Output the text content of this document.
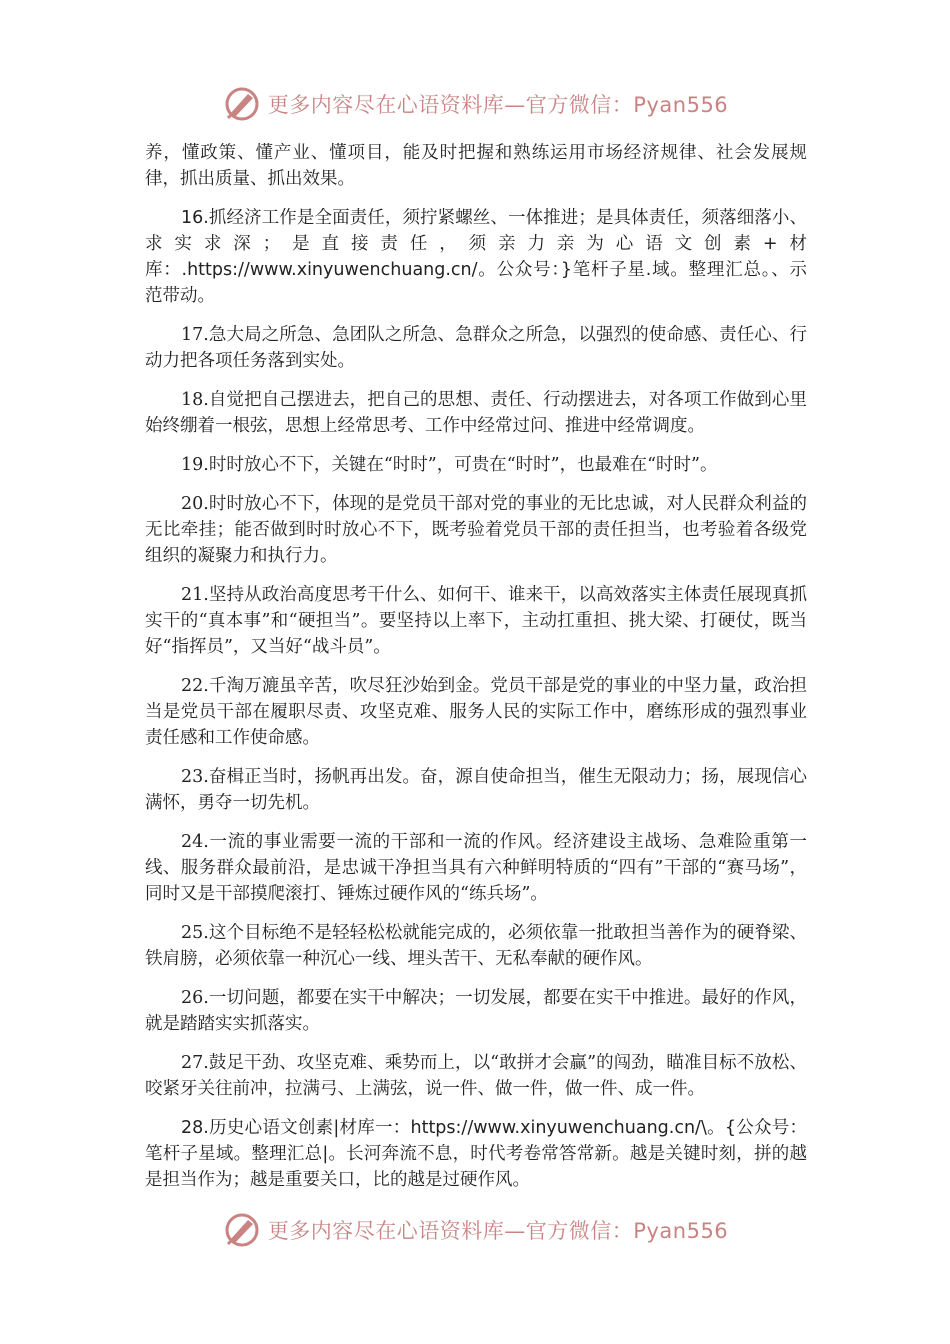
更多内容尽在心语资料库—官方微信：Pyan556

养，懂政策、懂产业、懂项目，能及时把握和熟练运用市场经济规律、社会发展规律，抓出质量、抓出效果。

16.抓经济工作是全面责任，须拧紧螺丝、一体推进；是具体责任，须落细落小、求实求深；是直接责任，须亲力亲为心语文创素+材库：.https://www.xinyuwenchuang.cn/。公众号：}笔杆子星.域。整理汇总。、示范带动。

17.急大局之所急、急团队之所急、急群众之所急，以强烈的使命感、责任心、行动力把各项任务落到实处。

18.自觉把自己摆进去，把自己的思想、责任、行动摆进去，对各项工作做到心里始终绷着一根弦，思想上经常思考、工作中经常过问、推进中经常调度。

19.时时放心不下，关键在“时时”，可贵在“时时”，也最难在“时时”。

20.时时放心不下，体现的是党员干部对党的事业的无比忠诚，对人民群众利益的无比牵挂；能否做到时时放心不下，既考验着党员干部的责任担当，也考验着各级党组织的凝聚力和执行力。

21.坚持从政治高度思考干什么、如何干、谁来干，以高效落实主体责任展现真抓实干的“真本事”和“硬担当”。要坚持以上率下，主动扛重担、挑大梁、打硬仗，既当好“指挥员”，又当好“战斗员”。

22.千淘万漉虽辛苦，吹尽狂沙始到金。党员干部是党的事业的中坚力量，政治担当是党员干部在履职尽责、攻坚克难、服务人民的实际工作中，磨练形成的强烈事业责任感和工作使命感。

23.奋楫正当时，扬帆再出发。奋，源自使命担当，催生无限动力；扬，展现信心满怀，勇夺一切先机。

24.一流的事业需要一流的干部和一流的作风。经济建设主战场、急难险重第一线、服务群众最前沿，是忠诚干净担当具有六种鲜明特质的“四有”干部的“赛马场”，同时又是干部摸爬滚打、锤炼过硬作风的“练兵场”。

25.这个目标绝不是轻轻松松就能完成的，必须依靠一批敢担当善作为的硬脊梁、铁肩膀，必须依靠一种沉心一线、埋头苦干、无私奉献的硬作风。

26.一切问题，都要在实干中解决；一切发展，都要在实干中推进。最好的作风，就是踏踏实实抓落实。

27.鼓足干劲、攻坚克难、乘势而上，以“敢拼才会赢”的闯劲，瞄准目标不放松、咬紧牙关往前冲，拉满弓、上满弦，说一件、做一件，做一件、成一件。

28.历史心语文创素|材库一：https://www.xinyuwenchuang.cn/\。{公众号：笔杆子星域。整理汇总|。长河奔流不息，时代考卷常答常新。越是关键时刻，拼的越是担当作为；越是重要关口，比的越是过硬作风。

更多内容尽在心语资料库—官方微信：Pyan556
